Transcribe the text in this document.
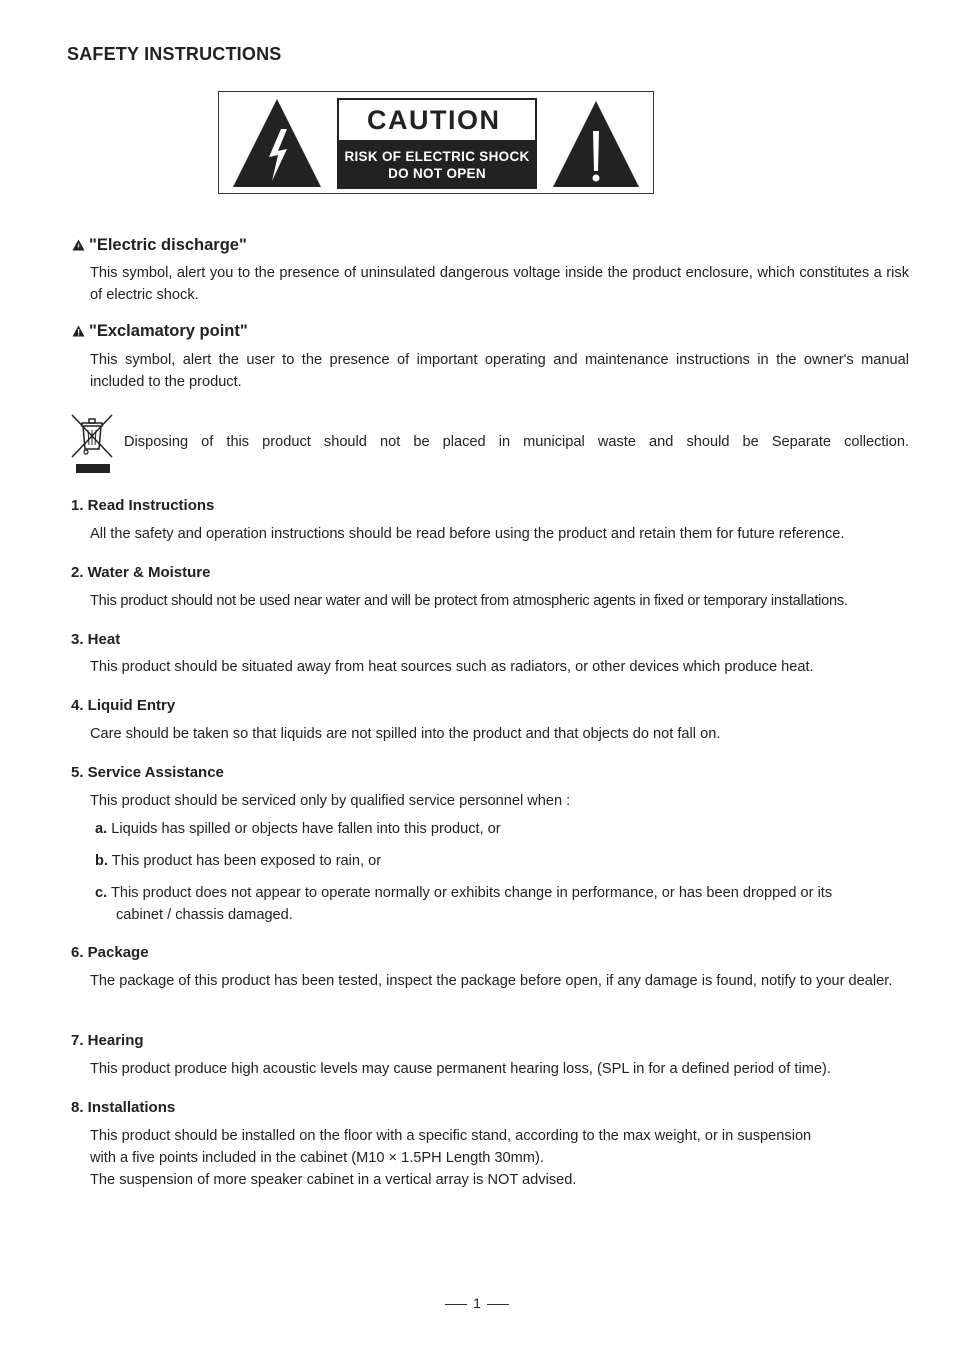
SAFETY INSTRUCTIONS
CAUTION
RISK OF ELECTRIC SHOCK
DO NOT OPEN
"Electric discharge"
This symbol, alert you to the presence of uninsulated dangerous voltage inside the product enclosure, which constitutes a risk of electric shock.
"Exclamatory point"
This symbol, alert the user to the presence of important operating and maintenance instructions in the owner's manual included to the product.
Disposing of this product should not be placed in municipal waste and should be Separate collection.
1. Read Instructions
All the safety and operation instructions should be read before using the product and retain them for future reference.
2. Water & Moisture
This product should not be used near water and will be protect from atmospheric agents in fixed or temporary installations.
3. Heat
This product should be situated away from heat sources such as radiators, or other devices which produce heat.
4. Liquid Entry
Care should be taken so that liquids are not spilled into the product and that objects do not fall on.
5. Service Assistance
This product should be serviced only by qualified service personnel when :
a. Liquids has spilled or objects have fallen into this product, or
b. This product has been exposed to rain, or
c. This product does not appear to operate normally or exhibits change in performance, or has been dropped or its
cabinet / chassis damaged.
6. Package
The package of this product has been tested, inspect the package before open, if any damage is found, notify to your dealer.
7. Hearing
This product produce high acoustic levels may cause permanent hearing loss, (SPL in for a defined period of time).
8. Installations
This product should be installed on the floor with a specific stand, according to the max weight, or in suspension
with a five points included in the cabinet (M10 × 1.5PH Length 30mm).
The suspension of more speaker cabinet in a vertical array is NOT advised.
1
